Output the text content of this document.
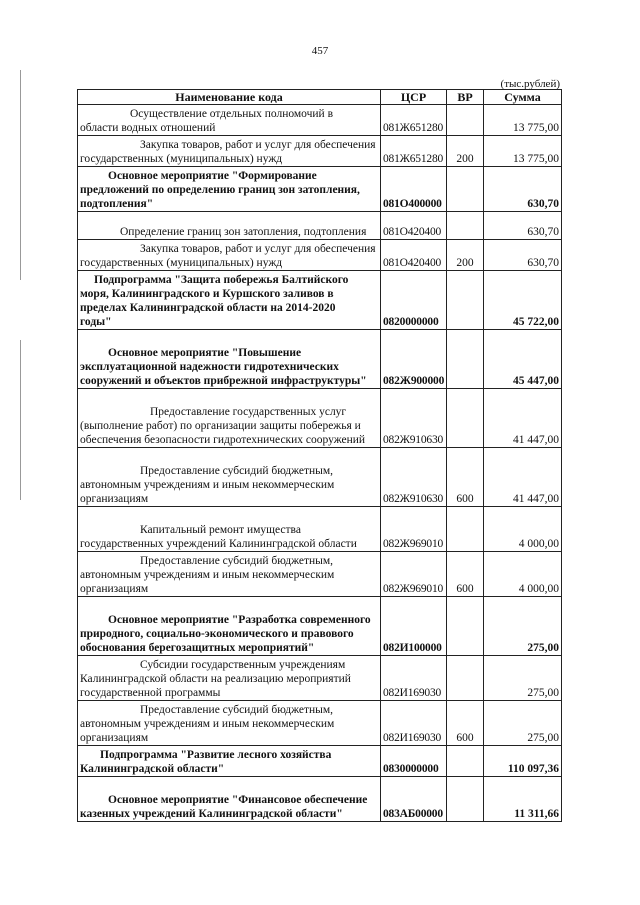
457
(тыс.рублей)
Наименование кода	ЦСР	ВР	Сумма

Осуществление отдельных полномочий в
области водных отношений	081Ж651280		13 775,00

Закупка товаров, работ и услуг для обеспечения
государственных (муниципальных) нужд	081Ж651280	200	13 775,00

Основное мероприятие "Формирование
предложений по определению границ зон затопления,
подтопления"	081О400000		630,70

Определение границ зон затопления, подтопления	081О420400		630,70

Закупка товаров, работ и услуг для обеспечения
государственных (муниципальных) нужд	081О420400	200	630,70

Подпрограмма "Защита побережья Балтийского
моря, Калининградского и Куршского заливов в
пределах Калининградской области на 2014-2020
годы"	0820000000		45 722,00

Основное мероприятие "Повышение
эксплуатационной надежности гидротехнических
сооружений и объектов прибрежной инфраструктуры"	082Ж900000		45 447,00

Предоставление государственных услуг
(выполнение работ) по организации защиты побережья и
обеспечения безопасности гидротехнических сооружений	082Ж910630		41 447,00

Предоставление субсидий бюджетным,
автономным учреждениям и иным некоммерческим
организациям	082Ж910630	600	41 447,00

Капитальный ремонт имущества
государственных учреждений Калининградской области	082Ж969010		4 000,00

Предоставление субсидий бюджетным,
автономным учреждениям и иным некоммерческим
организациям	082Ж969010	600	4 000,00

Основное мероприятие "Разработка современного
природного, социально-экономического и правового
обоснования берегозащитных мероприятий"	082И100000		275,00

Субсидии государственным учреждениям
Калининградской области на реализацию мероприятий
государственной программы	082И169030		275,00

Предоставление субсидий бюджетным,
автономным учреждениям и иным некоммерческим
организациям	082И169030	600	275,00

Подпрограмма "Развитие лесного хозяйства
Калининградской области"	0830000000		110 097,36

Основное мероприятие "Финансовое обеспечение
казенных учреждений Калининградской области"	083АБ00000		11 311,66
